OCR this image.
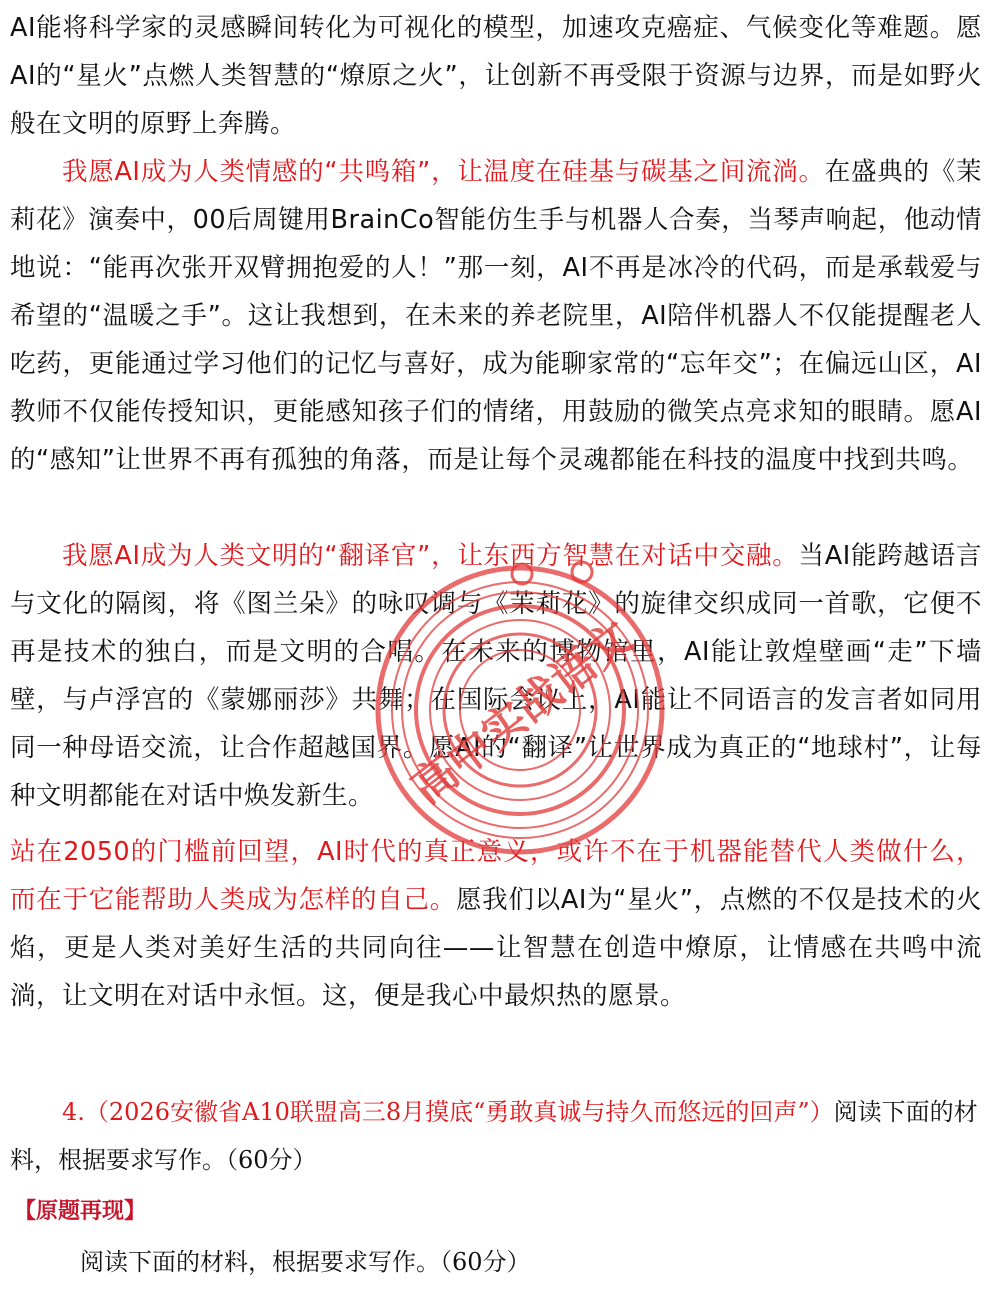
AI能将科学家的灵感瞬间转化为可视化的模型，加速攻克癌症、气候变化等难题。愿AI的“星火”点燃人类智慧的“燎原之火”，让创新不再受限于资源与边界，而是如野火般在文明的原野上奔腾。

我愿AI成为人类情感的“共鸣箱”，让温度在硅基与碳基之间流淌。在盛典的《茉莉花》演奏中，00后周键用BrainCo智能仿生手与机器人合奏，当琴声响起，他动情地说：“能再次张开双臂拥抱爱的人！”那一刻，AI不再是冰冷的代码，而是承载爱与希望的“温暖之手”。这让我想到，在未来的养老院里，AI陪伴机器人不仅能提醒老人吃药，更能通过学习他们的记忆与喜好，成为能聊家常的“忘年交”；在偏远山区，AI教师不仅能传授知识，更能感知孩子们的情绪，用鼓励的微笑点亮求知的眼睛。愿AI的“感知”让世界不再有孤独的角落，而是让每个灵魂都能在科技的温度中找到共鸣。

我愿AI成为人类文明的“翻译官”，让东西方智慧在对话中交融。当AI能跨越语言与文化的隔阂，将《图兰朵》的咏叹调与《茉莉花》的旋律交织成同一首歌，它便不再是技术的独白，而是文明的合唱。在未来的博物馆里，AI能让敦煌壁画“走”下墙壁，与卢浮宫的《蒙娜丽莎》共舞；在国际会议上，AI能让不同语言的发言者如同用同一种母语交流，让合作超越国界。愿AI的“翻译”让世界成为真正的“地球村”，让每种文明都能在对话中焕发新生。

站在2050的门槛前回望，AI时代的真正意义，或许不在于机器能替代人类做什么，而在于它能帮助人类成为怎样的自己。愿我们以AI为“星火”，点燃的不仅是技术的火焰，更是人类对美好生活的共同向往——让智慧在创造中燎原，让情感在共鸣中流淌，让文明在对话中永恒。这，便是我心中最炽热的愿景。

4.（2026安徽省A10联盟高三8月摸底“勇敢真诚与持久而悠远的回声”）阅读下面的材料，根据要求写作。（60分）

【原题再现】
阅读下面的材料，根据要求写作。（60分）
高中实战语文
